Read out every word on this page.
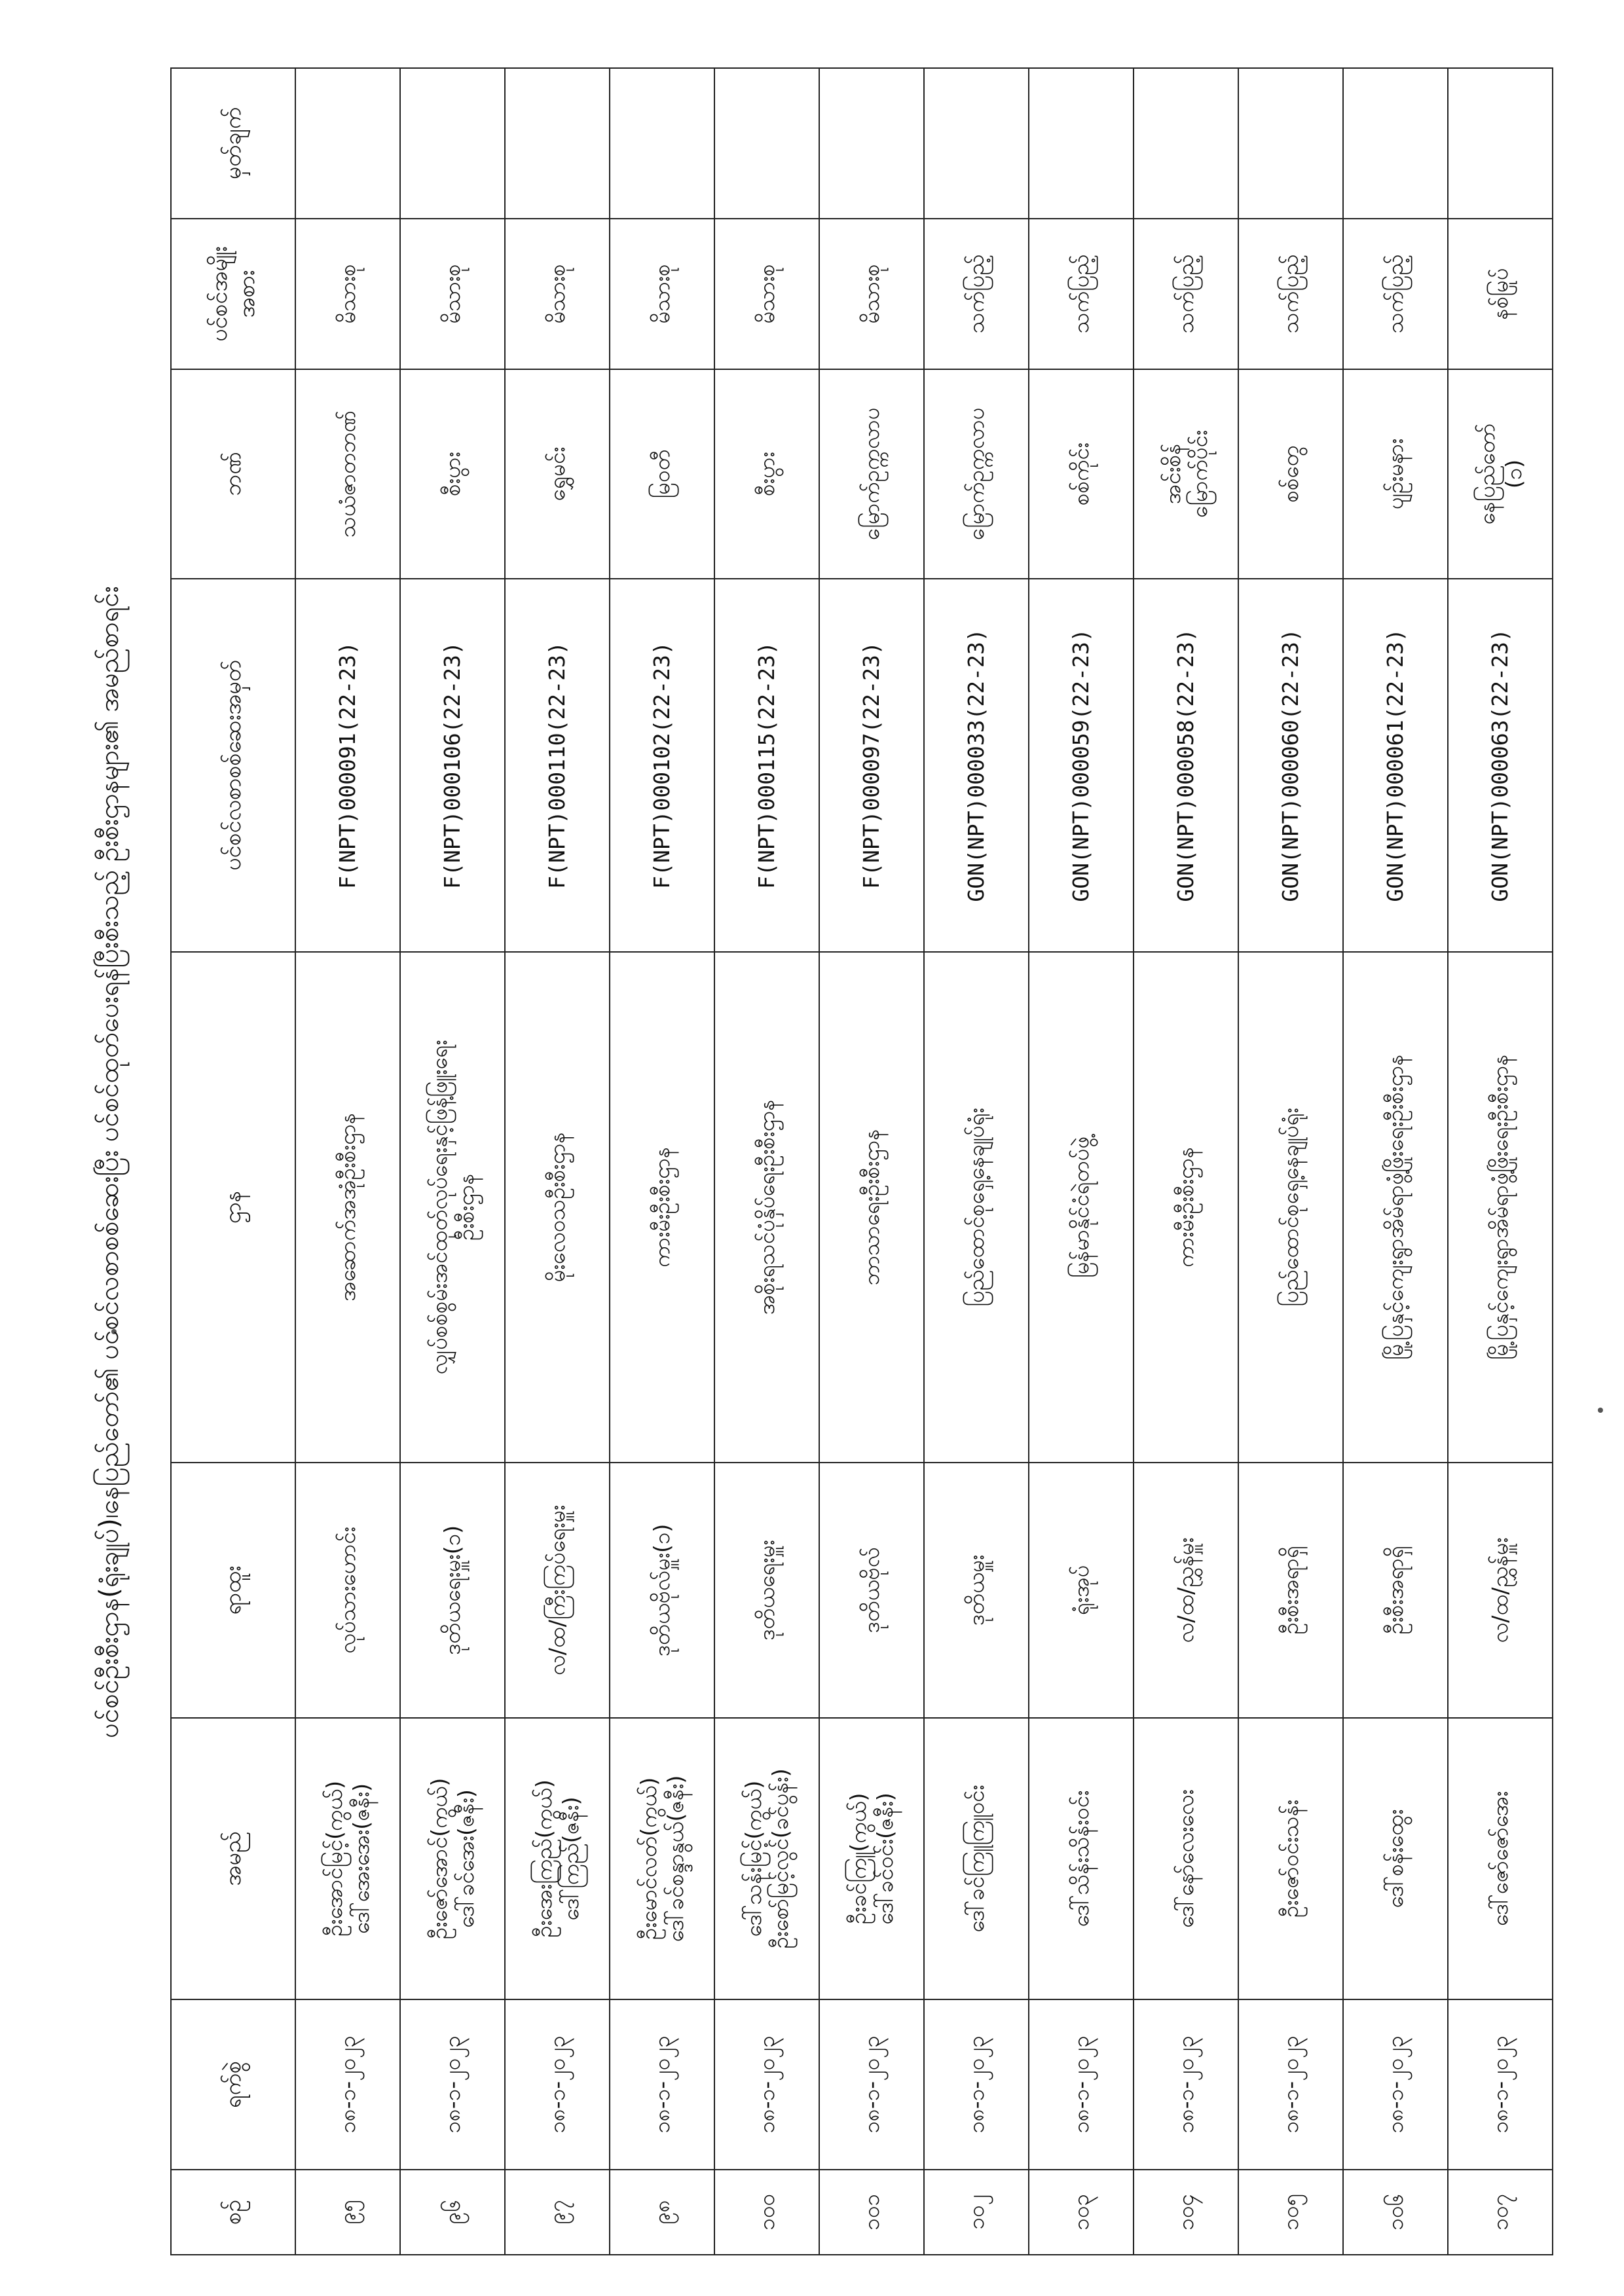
ပင်စင်ဦးစီးဌာန(ရုံးချုပ်)၊နေပြည်တော်၏ ပင်စင်လစာစစ်ဆေးပြီး ပင်စင်ထုတ်ပေးရန်ပြီးစီးသည့် ဦးစီးဌာနများ၏ အမည်စာရင်း
စဉ်	ရက်စွဲ	အမည်	ရာထူး	ဌာန	ပင်စင်လစာစစ်ဆေးအမှတ်	ဘဏ်	ပင်စင်အမျိုးအစား	မှတ်ချက်
၉၅	၁၈-၁-၂၀၂၃	ဦးအောင်မြင့်(ကွယ်) ဒေါ်အေးအေး(ဇနီး)	လုပ်သားဟောင်း	အဆောက်အအုံဦးစီးဌာန	F(NPT)000091(22-23)	သယံဇာတဘဏ်	မိသားစု	
၉၆	၁၈-၁-၂၀၂၃	ဦးဇော်အောင်(ကွယ်) ဒေါ်ခင်အေး(ဇနီး)	ဒုတိယရေးမှူး(၁)	လျှပ်စစ်စွမ်းအင်ထုတ်လုပ်ရေးနှင့်ဖြန့်ဖြူးရေး ဦးစီးဌာန	F(NPT)000106(22-23)	စီးပွား	မိသားစု	
၉၇	၁၈-၁-၂၀၂၃	ဦးအေးကြည်(ကွယ်) ဒေါ်ကြည်(ဇနီး)	လ/ထ/ကြီးကြပ်ရေးမှူး	မိုးလေဝသဦးစီးဌာန	F(NPT)000110(22-23)	ရွှေမင်း	မိသားစု	
၉၈	၁၈-၁-၂၀၂၃	ဦးမောင်လတ်(ကွယ်) ဒေါ်ခင်စန္ဒာနွယ်(ဇနီး)	ဒုတိယဗိုလ်မှူး(၁)	ကားမီးဦးစီးဌာန	F(NPT)000102(22-23)	မြဝတီ	မိသားစု	
၁၀၀	၁၈-၁-၂၀၂၃	ဒေါ်သန်းမြင့်(ကွယ်) ဦးစော်မြင့်လွင်(ခင်ပွန်း)	ဒုတိယရေးမှူး	အစိုးရသင်ပုံနှိပ်ရေးဦးစီးဌာန	F(NPT)000115(22-23)	စီးပွား	မိသားစု	
၁၀၁	၁၈-၁-၂၀၂၃	ဦးခင်ကြူ(ကွယ်) ဒေါ်ခင်ဝင်း(ဇနီး)	ဒုတိယဗိုလ်	ဘာသာရေးဦးစီးဌာန	F(NPT)000097(22-23)	မြောက်ဥက္ကလာပ	မိသားစု	
၁၀၂	၁၈-၁-၂၀၂၃	ဒေါ်ခင်ကြူကြူဝင်း	ဒုတိယမှူး	ပြည်ထောင်စုရှေ့နေချုပ်ရုံး	GON(NPT)000033(22-23)	မြောက်ဥက္ကလာပ	သက်ပြည့်	
၁၀၃	၁၈-၁-၂၀၂၃	ဒေါ်သိန်းသိန်းဝင်း	ရုံးအုပ်	မြန်မာနိုင်ငံရဲတပ်ဖွဲ့	GON(NPT)000059(22-23)	စစ်ကိုင်း	သက်ပြည့်	
၁၀၄	၁၈-၁-၂၀၂၃	ဒေါ်နော်လေးလေး	လ/ထ/ညွှန်မှူး	ကားမီးဦးစီးဌာန	GON(NPT)000058(22-23)	အင်းစိန် မြောက်ပိုင်း	သက်ပြည့်	
၁၀၅	၁၈-၁-၂၀၂၃	ဦးဇော်ဝင်းသန်း	ဦးစီးအရာရှိ	ပြည်ထောင်စုရှေ့နေချုပ်ရုံး	GON(NPT)000060(22-23)	စစ်တွေ	သက်ပြည့်	
၁၀၆	၁၈-၁-၂၀၂၃	ဒေါ်စန်းထွေး	ဦးစီးအရာရှိ	မြို့ပြနှင့်ကျေးရွာအိမ်ရာဖွံ့ဖြိုးရေးဦးစီးဌာန	GON(NPT)000061(22-23)	ပျဉ်းမနား	သက်ပြည့်	
၁၀၇	၁၈-၁-၂၀၂၃	ဒေါ်ဇော်ဇော်အေး	လ/ထ/ညွှန်မှူး	မြို့ပြနှင့်ကျေးရွာအိမ်ရာဖွံ့ဖြိုးရေးဦးစီးဌာန	GON(NPT)000063(22-23)	နေပြည်တော် (၁)	နစ်မြုပ်	
